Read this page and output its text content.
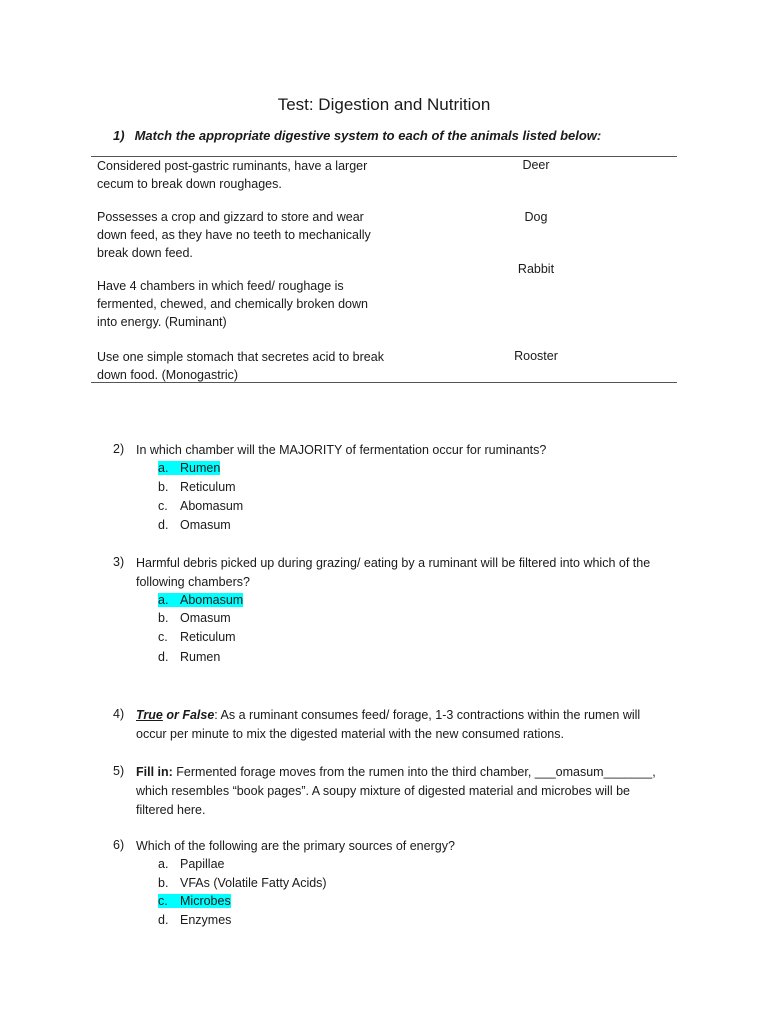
Test: Digestion and Nutrition
1) Match the appropriate digestive system to each of the animals listed below:
Considered post-gastric ruminants, have a larger
cecum to break down roughages.
Possesses a crop and gizzard to store and wear
down feed, as they have no teeth to mechanically
break down feed.
Have 4 chambers in which feed/ roughage is
fermented, chewed, and chemically broken down
into energy. (Ruminant)
Use one simple stomach that secretes acid to break
down food. (Monogastric)
Deer
Dog
Rabbit
Rooster
2) In which chamber will the MAJORITY of fermentation occur for ruminants?
a. Rumen
b. Reticulum
c. Abomasum
d. Omasum
3) Harmful debris picked up during grazing/ eating by a ruminant will be filtered into which of the
following chambers?
a. Abomasum
b. Omasum
c. Reticulum
d. Rumen
4) True or False: As a ruminant consumes feed/ forage, 1-3 contractions within the rumen will
occur per minute to mix the digested material with the new consumed rations.
5) Fill in: Fermented forage moves from the rumen into the third chamber, ___omasum_______,
which resembles “book pages”. A soupy mixture of digested material and microbes will be
filtered here.
6) Which of the following are the primary sources of energy?
a. Papillae
b. VFAs (Volatile Fatty Acids)
c. Microbes
d. Enzymes
